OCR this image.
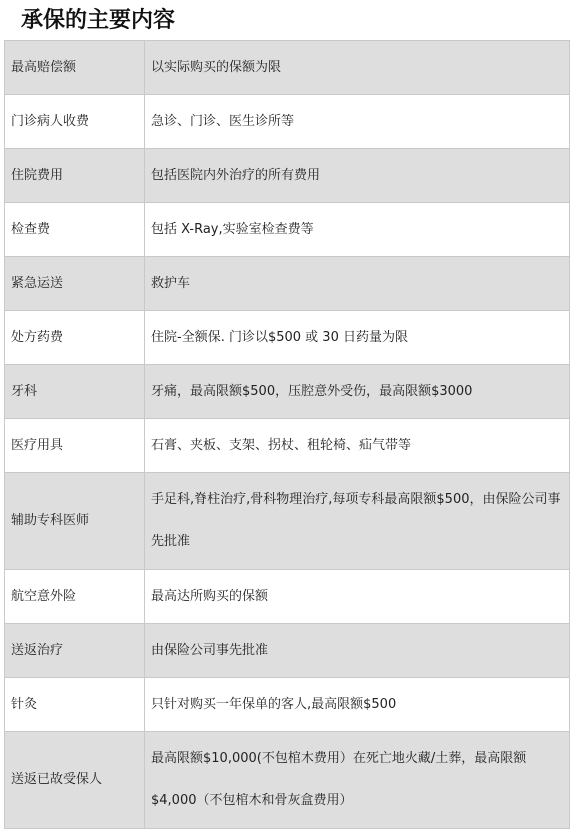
承保的主要内容
最高赔偿额	以实际购买的保额为限
门诊病人收费	急诊、门诊、医生诊所等
住院费用	包括医院内外治疗的所有费用
检查费	包括 X-Ray,实验室检查费等
紧急运送	救护车
处方药费	住院-全额保. 门诊以$500 或 30 日药量为限
牙科	牙痛，最高限额$500，压腔意外受伤，最高限额$3000
医疗用具	石膏、夹板、支架、拐杖、租轮椅、疝气带等
辅助专科医师	手足科,脊柱治疗,骨科物理治疗,每项专科最高限额$500，由保险公司事先批准
航空意外险	最高达所购买的保额
送返治疗	由保险公司事先批准
针灸	只针对购买一年保单的客人,最高限额$500
送返已故受保人	最高限额$10,000(不包棺木费用）在死亡地火藏/土葬，最高限额$4,000（不包棺木和骨灰盒费用）
